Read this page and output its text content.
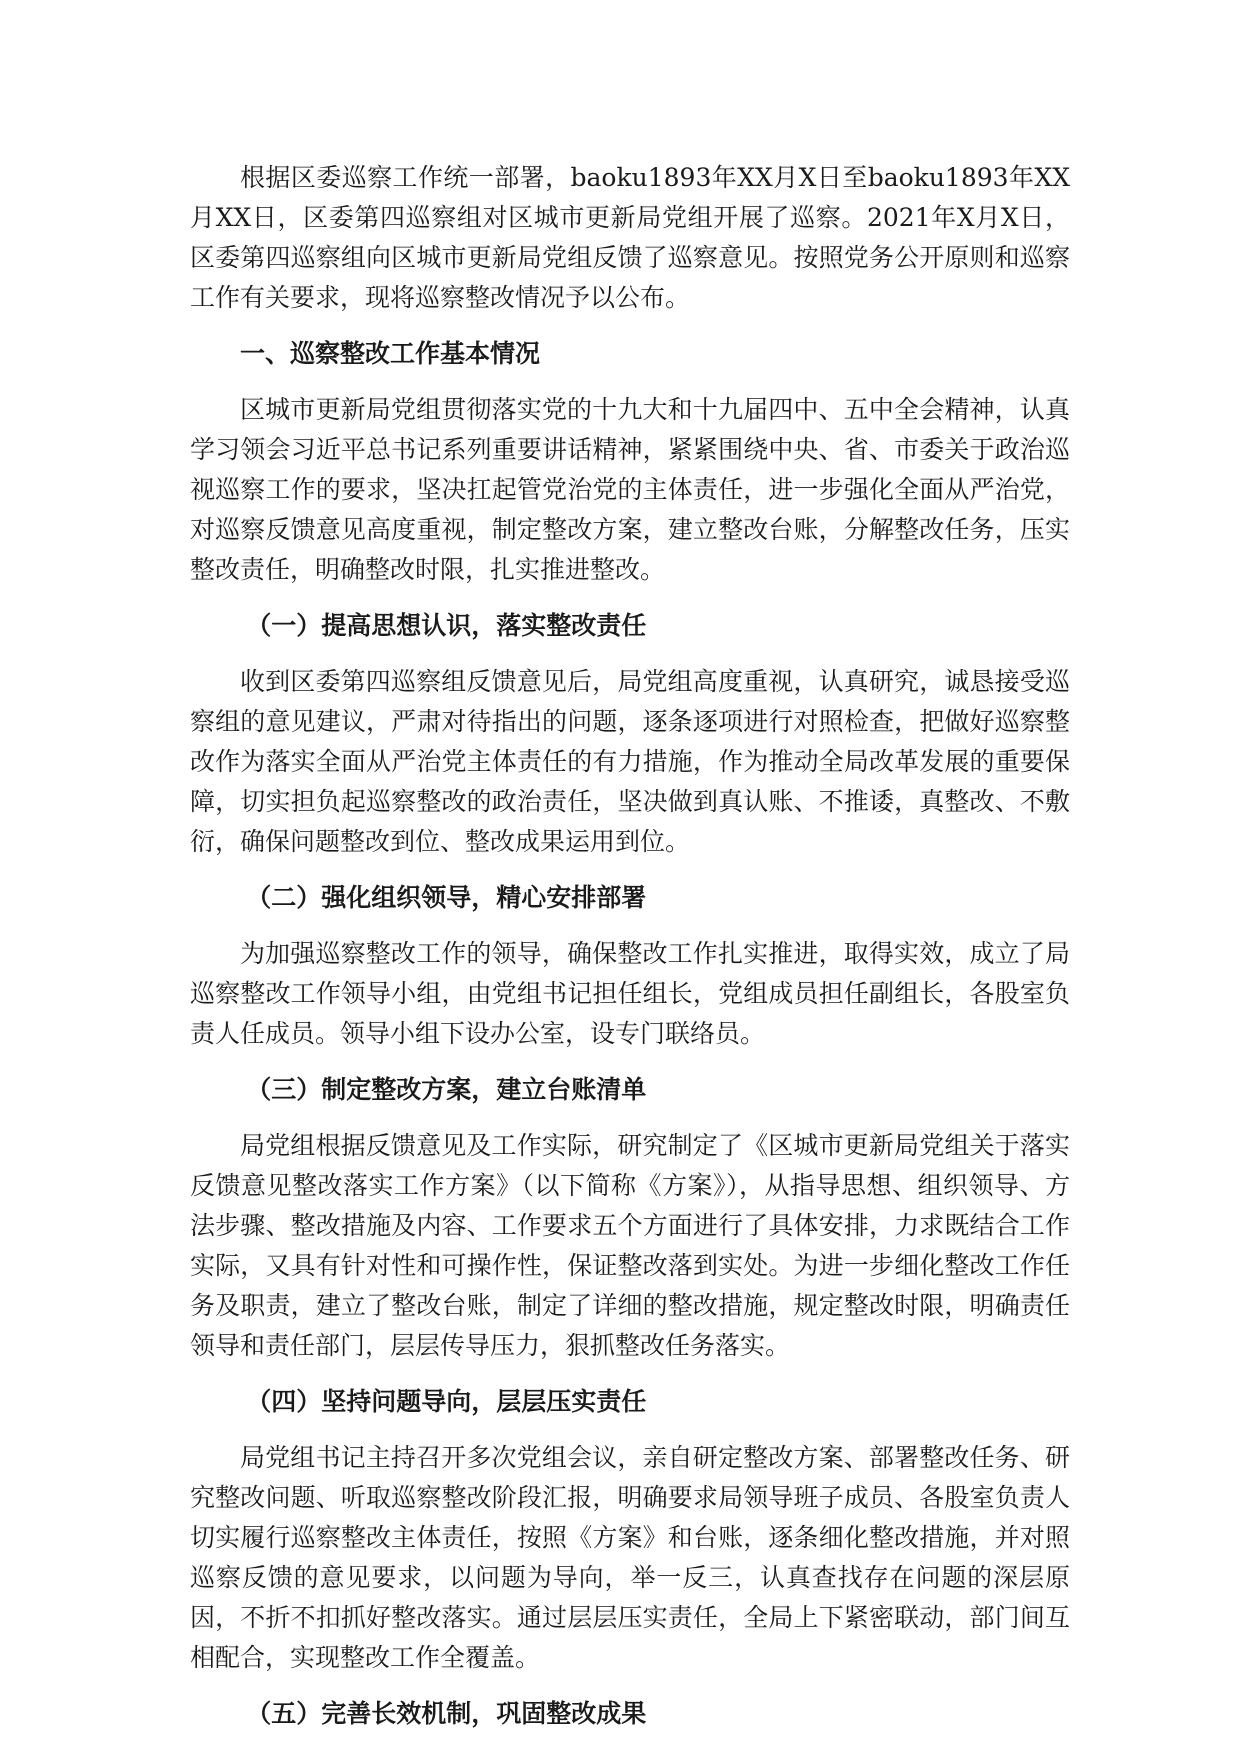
根据区委巡察工作统一部署，baoku1893年XX月X日至baoku1893年XX月XX日，区委第四巡察组对区城市更新局党组开展了巡察。2021年X月X日，区委第四巡察组向区城市更新局党组反馈了巡察意见。按照党务公开原则和巡察工作有关要求，现将巡察整改情况予以公布。

一、巡察整改工作基本情况

区城市更新局党组贯彻落实党的十九大和十九届四中、五中全会精神，认真学习领会习近平总书记系列重要讲话精神，紧紧围绕中央、省、市委关于政治巡视巡察工作的要求，坚决扛起管党治党的主体责任，进一步强化全面从严治党，对巡察反馈意见高度重视，制定整改方案，建立整改台账，分解整改任务，压实整改责任，明确整改时限，扎实推进整改。

（一）提高思想认识，落实整改责任

收到区委第四巡察组反馈意见后，局党组高度重视，认真研究，诚恳接受巡察组的意见建议，严肃对待指出的问题，逐条逐项进行对照检查，把做好巡察整改作为落实全面从严治党主体责任的有力措施，作为推动全局改革发展的重要保障，切实担负起巡察整改的政治责任，坚决做到真认账、不推诿，真整改、不敷衍，确保问题整改到位、整改成果运用到位。

（二）强化组织领导，精心安排部署

为加强巡察整改工作的领导，确保整改工作扎实推进，取得实效，成立了局巡察整改工作领导小组，由党组书记担任组长，党组成员担任副组长，各股室负责人任成员。领导小组下设办公室，设专门联络员。

（三）制定整改方案，建立台账清单

局党组根据反馈意见及工作实际，研究制定了《区城市更新局党组关于落实反馈意见整改落实工作方案》（以下简称《方案》），从指导思想、组织领导、方法步骤、整改措施及内容、工作要求五个方面进行了具体安排，力求既结合工作实际，又具有针对性和可操作性，保证整改落到实处。为进一步细化整改工作任务及职责，建立了整改台账，制定了详细的整改措施，规定整改时限，明确责任领导和责任部门，层层传导压力，狠抓整改任务落实。

（四）坚持问题导向，层层压实责任

局党组书记主持召开多次党组会议，亲自研定整改方案、部署整改任务、研究整改问题、听取巡察整改阶段汇报，明确要求局领导班子成员、各股室负责人切实履行巡察整改主体责任，按照《方案》和台账，逐条细化整改措施，并对照巡察反馈的意见要求，以问题为导向，举一反三，认真查找存在问题的深层原因，不折不扣抓好整改落实。通过层层压实责任，全局上下紧密联动，部门间互相配合，实现整改工作全覆盖。

（五）完善长效机制，巩固整改成果
